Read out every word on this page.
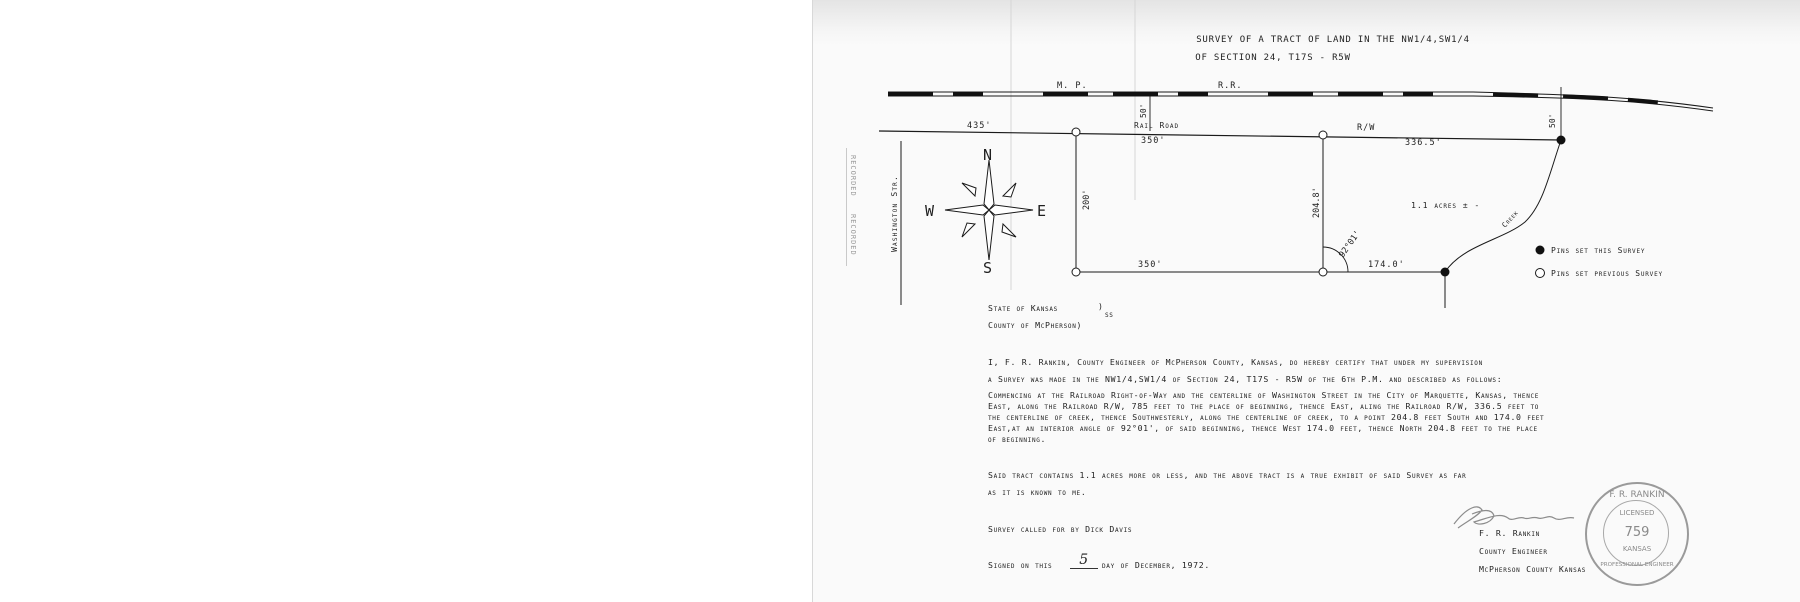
SURVEY OF A TRACT OF LAND IN THE NW1/4,SW1/4
OF SECTION 24, T17S - R5W
M. P.	R.R.
435'	Rail Road	R/W
350'	336.5'
Washington Str.
50'
50'
200'	204.8'
350'	174.0'
92°01'
Creek
1.1 acres ± -
N
S
E
W
Pins set this Survey
Pins set previous Survey
RECORDED
RECORDED
State of Kansas	)
ss
County of McPherson)
I, F. R. Rankin, County Engineer of McPherson County, Kansas, do hereby certify that under my supervision
a Survey was made in the NW1/4,SW1/4 of Section 24, T17S - R5W of the 6th P.M. and described as follows:
Commencing at the Railroad Right-of-Way and the centerline of Washington Street in the City of Marquette, Kansas, thence East, along the Railroad R/W, 785 feet to the place of beginning, thence East, aling the Railroad R/W, 336.5 feet to the centerline of creek, thence Southwesterly, along the centerline of creek, to a point 204.8 feet South and 174.0 feet East,at an interior angle of 92°01', of said beginning, thence West 174.0 feet, thence North 204.8 feet to the place of beginning.
Said tract contains 1.1 acres more or less, and the above tract is a true exhibit of said Survey as far
as it is known to me.
Survey called for by Dick Davis
Signed on this	5	day of December, 1972.
F. R. Rankin
County Engineer
McPherson County Kansas
F. R. RANKIN
LICENSED
759
KANSAS
PROFESSIONAL ENGINEER
